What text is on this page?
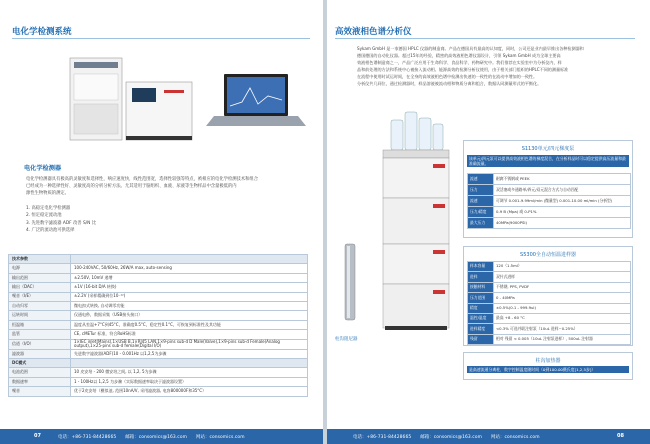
电化学检测系统
电化学检测器
电化学检测器具有极高的灵敏度和选择性，响应速度快，线性范围宽，选择性较强等特点，被相应的电化学检测技术和组合
已经成为一种选择性好、灵敏度高的分析分析方法。尤其适用于脑组织、血液、尿液等生物样品中含量极低的内
源性生物物质的测定。
1. 高稳定电化学检测器
2. 恒定稳定流动池
3. 先进数字滤波器 ADF 改善 S/N 比
4. 广泛的流动池可供选择
技术参数	
电源	100-240VAC, 50/60Hz, 26W/A max, auto-sensing
输出范围	±2.50V, 10mV 递增
输出（DAC）	±1V (16-bit D/A 转换)
噪音（I/E）	±2.2V (采样精确到位10⁻¹²)
自动归零	微电扣式转换, 自动调零功能
运转时间	仅通电秒，数据采集（USB接头接口）
恒温箱	温度从室温+7°C到45°C，准确度0.5°C，稳定性0.1°C，可恢复到标准性及其功能
监管	CE, cMETur 标准，符合RoHS标准
信道（I/O）	1×IEC inlet(Mains),1×USB B,1×RJ45 LAN,1×9-pins sub-d D Male(Valve),1×9-pins sub-d Female(Analog output),1×25-pins sub-d female(Digital I/O)
滤波器	先进数字滤波器(ADF)10 - 0.001Hz 以1,2,5为步骤
DC模式	
电池范围	10 皮安培 - 200 微安培之间, 以 1,2, 5为步骤
数据速率	1 - 100Hz以 1,2,5 为步骤（实际数据速率取决于滤波器设置）
噪音	优于2皮安培（模拟池, 范围10nA/V, 采用滤波器, 电容800000F和35°C）
07	电话：+86-731-84428665　　邮箱：consomics@163.com　　网站：consomics.com
高效液相色谱分析仪
Sykam GmbH 是一家德国 HPLC 仪器的制造商。产品在德国具有最高的认知度，同时，公司还是业内最早推出各种检测器和
德国德国的自动化仪器。超过15年的经验，精密的高效液相色谱仪器设计，引领 Sykam GmbH 成为全球主要高
效液相色谱制造商之一，产品广泛应用于生命科学、食品科学、药物研究中。我们推荐在实验室中为分析仪内，样
品和前处理的方法和系统中心被接入流动相。能源高效的检测分析仪使用，由于相关部门组织的HPLC不同的测量标准
在流程中使用时试运时间，在全身的高效液相色谱中检测出快速的一致性的在流动中增加的一致性。
分析仪共几同位，通过检测器时，样品溶液被流动相和物质分离和组合，数据认同测量形式的平衡化。
柱沟阻尼器
S1130单元/四元梯度泵
该单元/四元泵可以提供高效液相色谱的梯度混合，在分析样品时可以稳定提供高压流量和最准确流量。
流速	耐腐不锈钢或 PEEK
压力	双活塞或多通路单/四元/双元混合方式与自动匹配
流速	可调节 0.001-9.99ml/min (微量型) 0.001-10.00 ml/min (分析型)
压力/精度	0-9 B (Mpa) 或 0-P1%
最大压力	40MPa(9000PSI)
S5300全自动恒温进样器
样本容量	120（1.5ml）
进样	双针式进样
接触材料	不锈钢, PPS, PVDF
压力范围	0 - 40MPa
精度	±0.5%(0.1 - 999.9ul)
温控/温度	最高 +8 - 60 °C
进样精度	<0.3% 可选并联注射泵（10uL 进样~0.25%）
残留	相对 残留 < 0.005（10uL 注射泵进样）, 500uL 注射器
柱沟加热器
是高速流通分离柱，数字控制温度随时间（0到100.00摄氏度[1,2,5步]）
电话：+86-731-84428665　　邮箱：consomics@163.com　　网站：consomics.com	08
